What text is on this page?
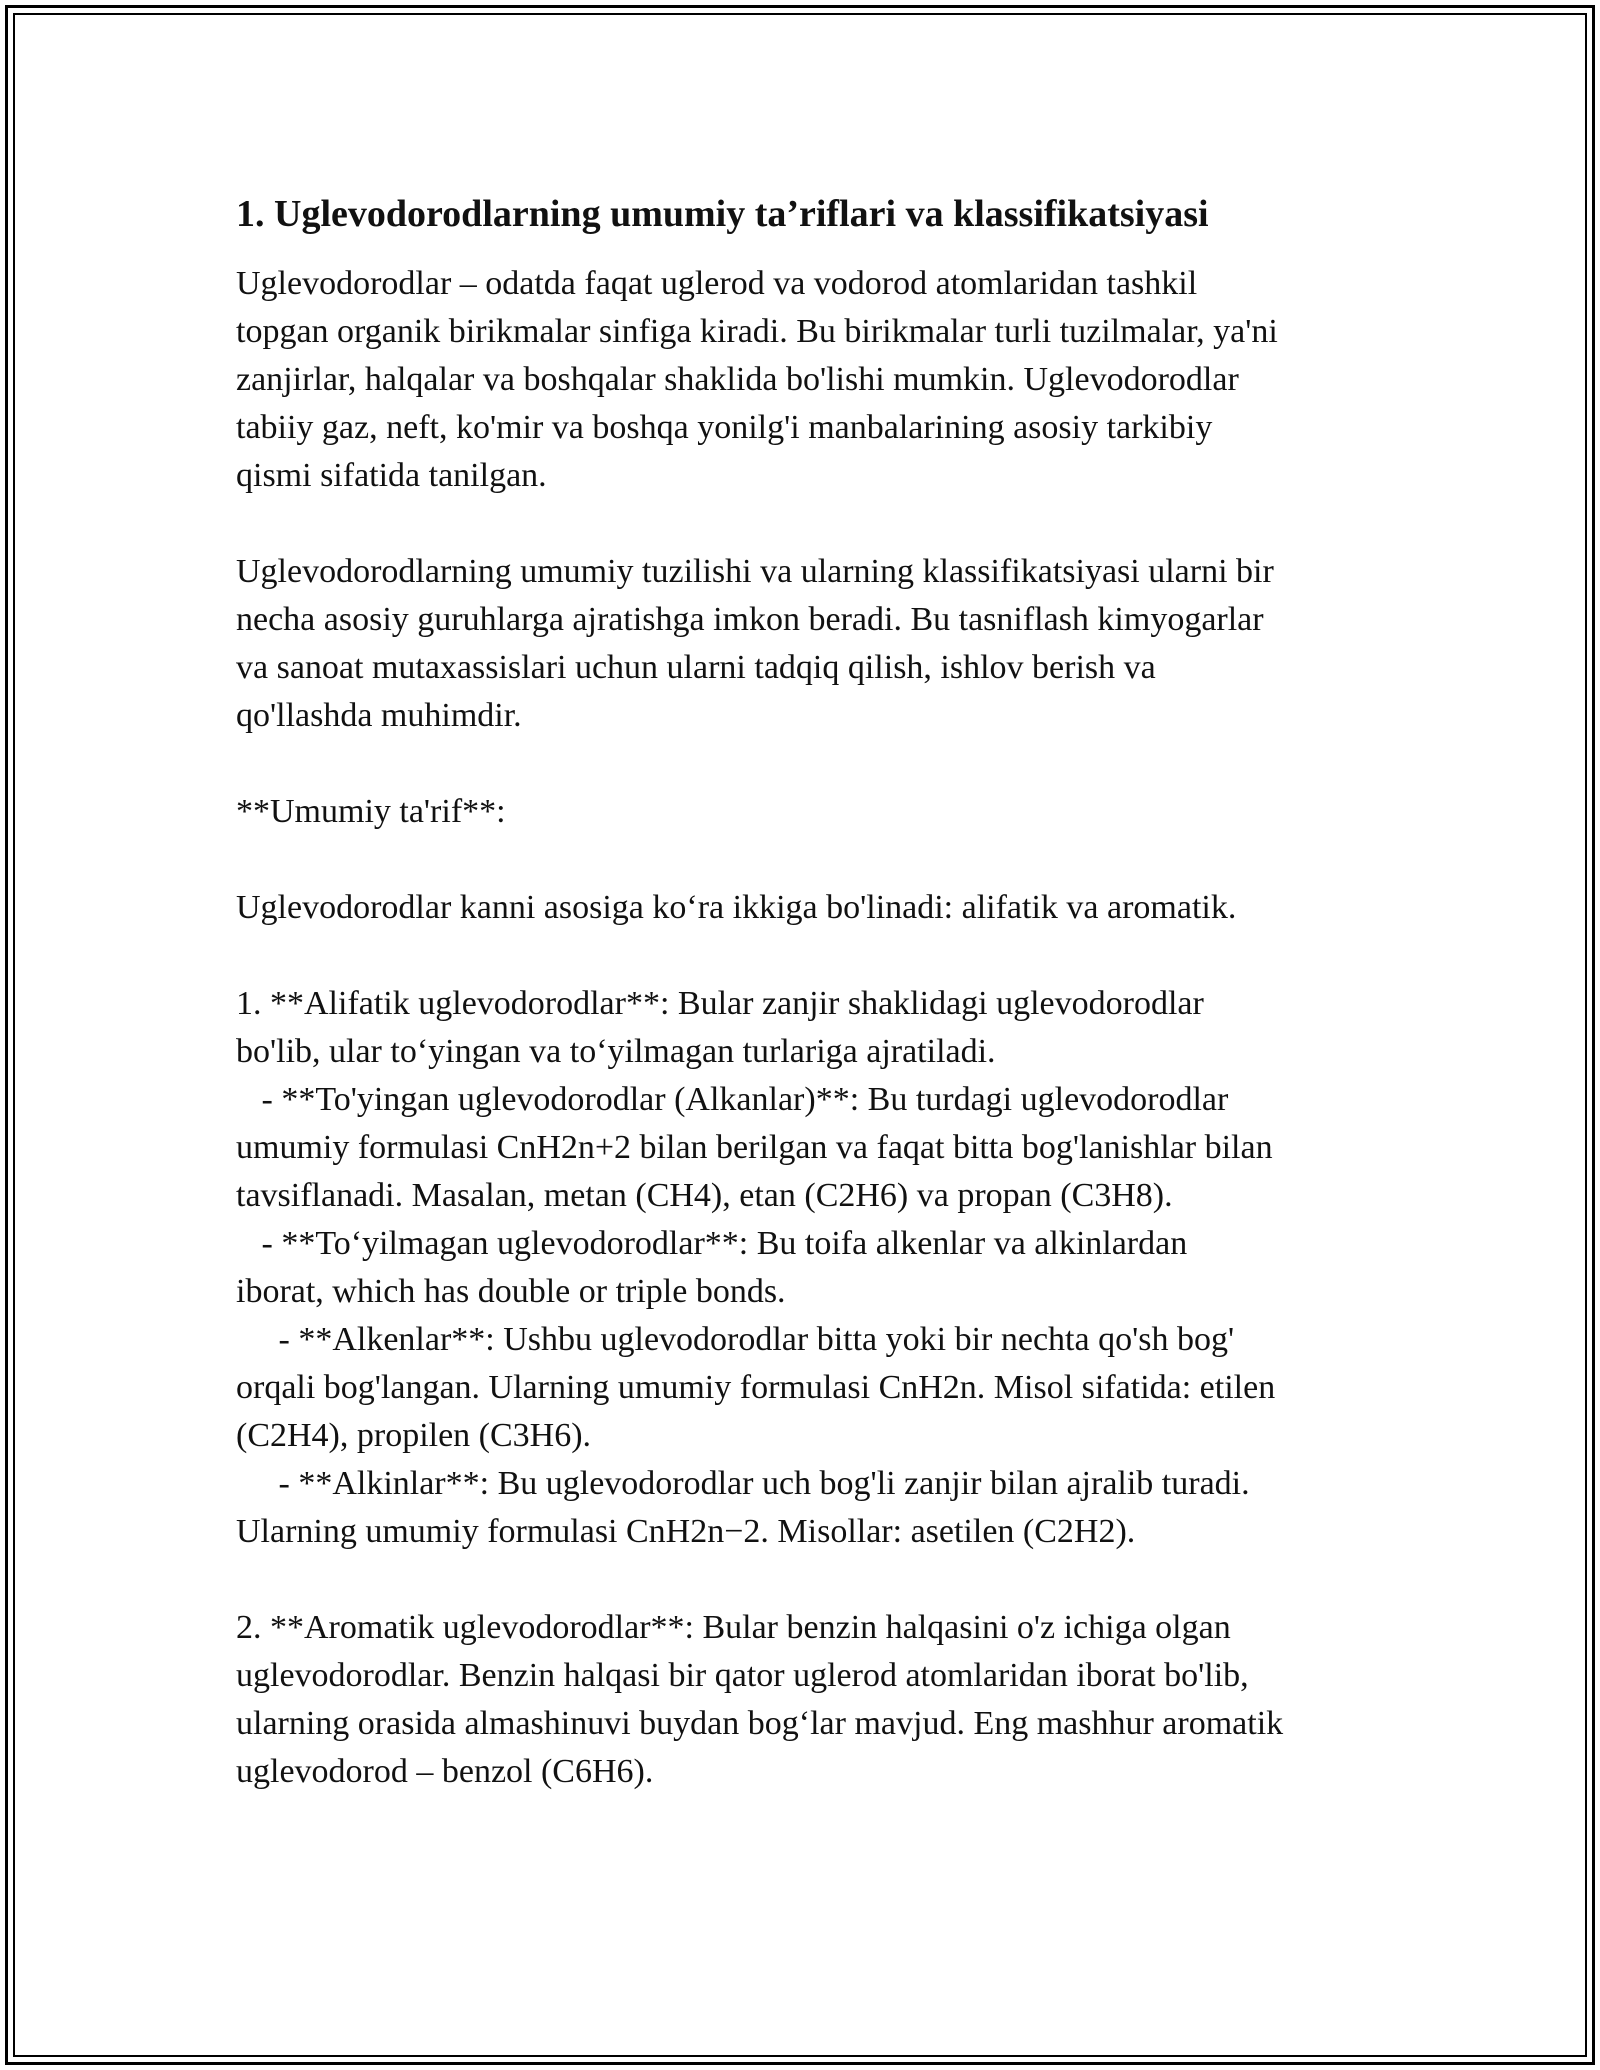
1. Uglevodorodlarning umumiy ta’riflari va klassifikatsiyasi

Uglevodorodlar – odatda faqat uglerod va vodorod atomlaridan tashkil
topgan organik birikmalar sinfiga kiradi. Bu birikmalar turli tuzilmalar, ya'ni
zanjirlar, halqalar va boshqalar shaklida bo'lishi mumkin. Uglevodorodlar
tabiiy gaz, neft, ko'mir va boshqa yonilg'i manbalarining asosiy tarkibiy
qismi sifatida tanilgan.

Uglevodorodlarning umumiy tuzilishi va ularning klassifikatsiyasi ularni bir
necha asosiy guruhlarga ajratishga imkon beradi. Bu tasniflash kimyogarlar
va sanoat mutaxassislari uchun ularni tadqiq qilish, ishlov berish va
qo'llashda muhimdir.

**Umumiy ta'rif**:

Uglevodorodlar kanni asosiga ko‘ra ikkiga bo'linadi: alifatik va aromatik.

1. **Alifatik uglevodorodlar**: Bular zanjir shaklidagi uglevodorodlar
bo'lib, ular to‘yingan va to‘yilmagan turlariga ajratiladi.
- **To'yingan uglevodorodlar (Alkanlar)**: Bu turdagi uglevodorodlar
umumiy formulasi CnH2n+2 bilan berilgan va faqat bitta bog'lanishlar bilan
tavsiflanadi. Masalan, metan (CH4), etan (C2H6) va propan (C3H8).
- **To‘yilmagan uglevodorodlar**: Bu toifa alkenlar va alkinlardan
iborat, which has double or triple bonds.
- **Alkenlar**: Ushbu uglevodorodlar bitta yoki bir nechta qo'sh bog'
orqali bog'langan. Ularning umumiy formulasi CnH2n. Misol sifatida: etilen
(C2H4), propilen (C3H6).
- **Alkinlar**: Bu uglevodorodlar uch bog'li zanjir bilan ajralib turadi.
Ularning umumiy formulasi CnH2n−2. Misollar: asetilen (C2H2).

2. **Aromatik uglevodorodlar**: Bular benzin halqasini o'z ichiga olgan
uglevodorodlar. Benzin halqasi bir qator uglerod atomlaridan iborat bo'lib,
ularning orasida almashinuvi buydan bog‘lar mavjud. Eng mashhur aromatik
uglevodorod – benzol (C6H6).
